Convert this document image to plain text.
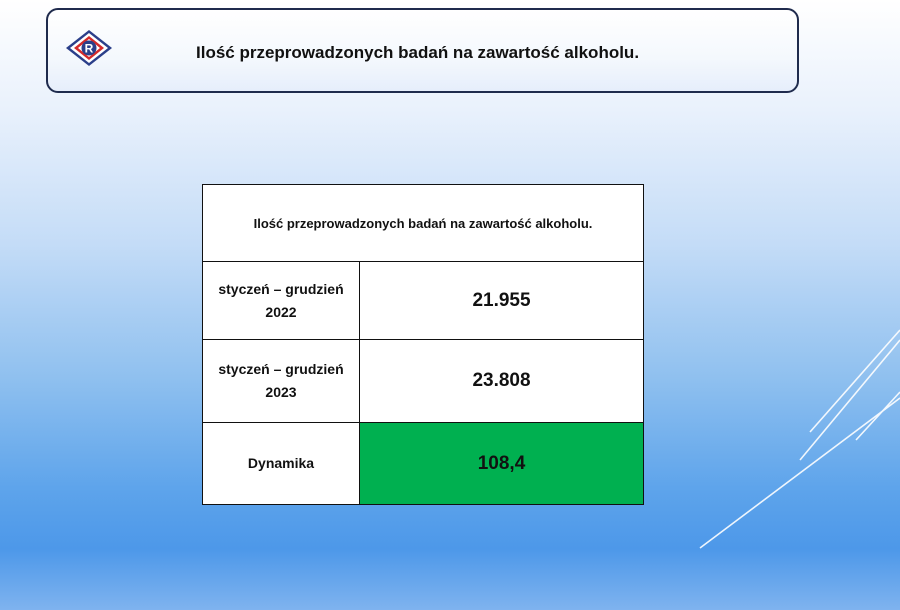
R	Ilość przeprowadzonych badań na zawartość alkoholu.
Ilość przeprowadzonych badań na zawartość alkoholu.	
styczeń – grudzień
2022	21.955
styczeń – grudzień
2023	23.808
Dynamika	108,4
